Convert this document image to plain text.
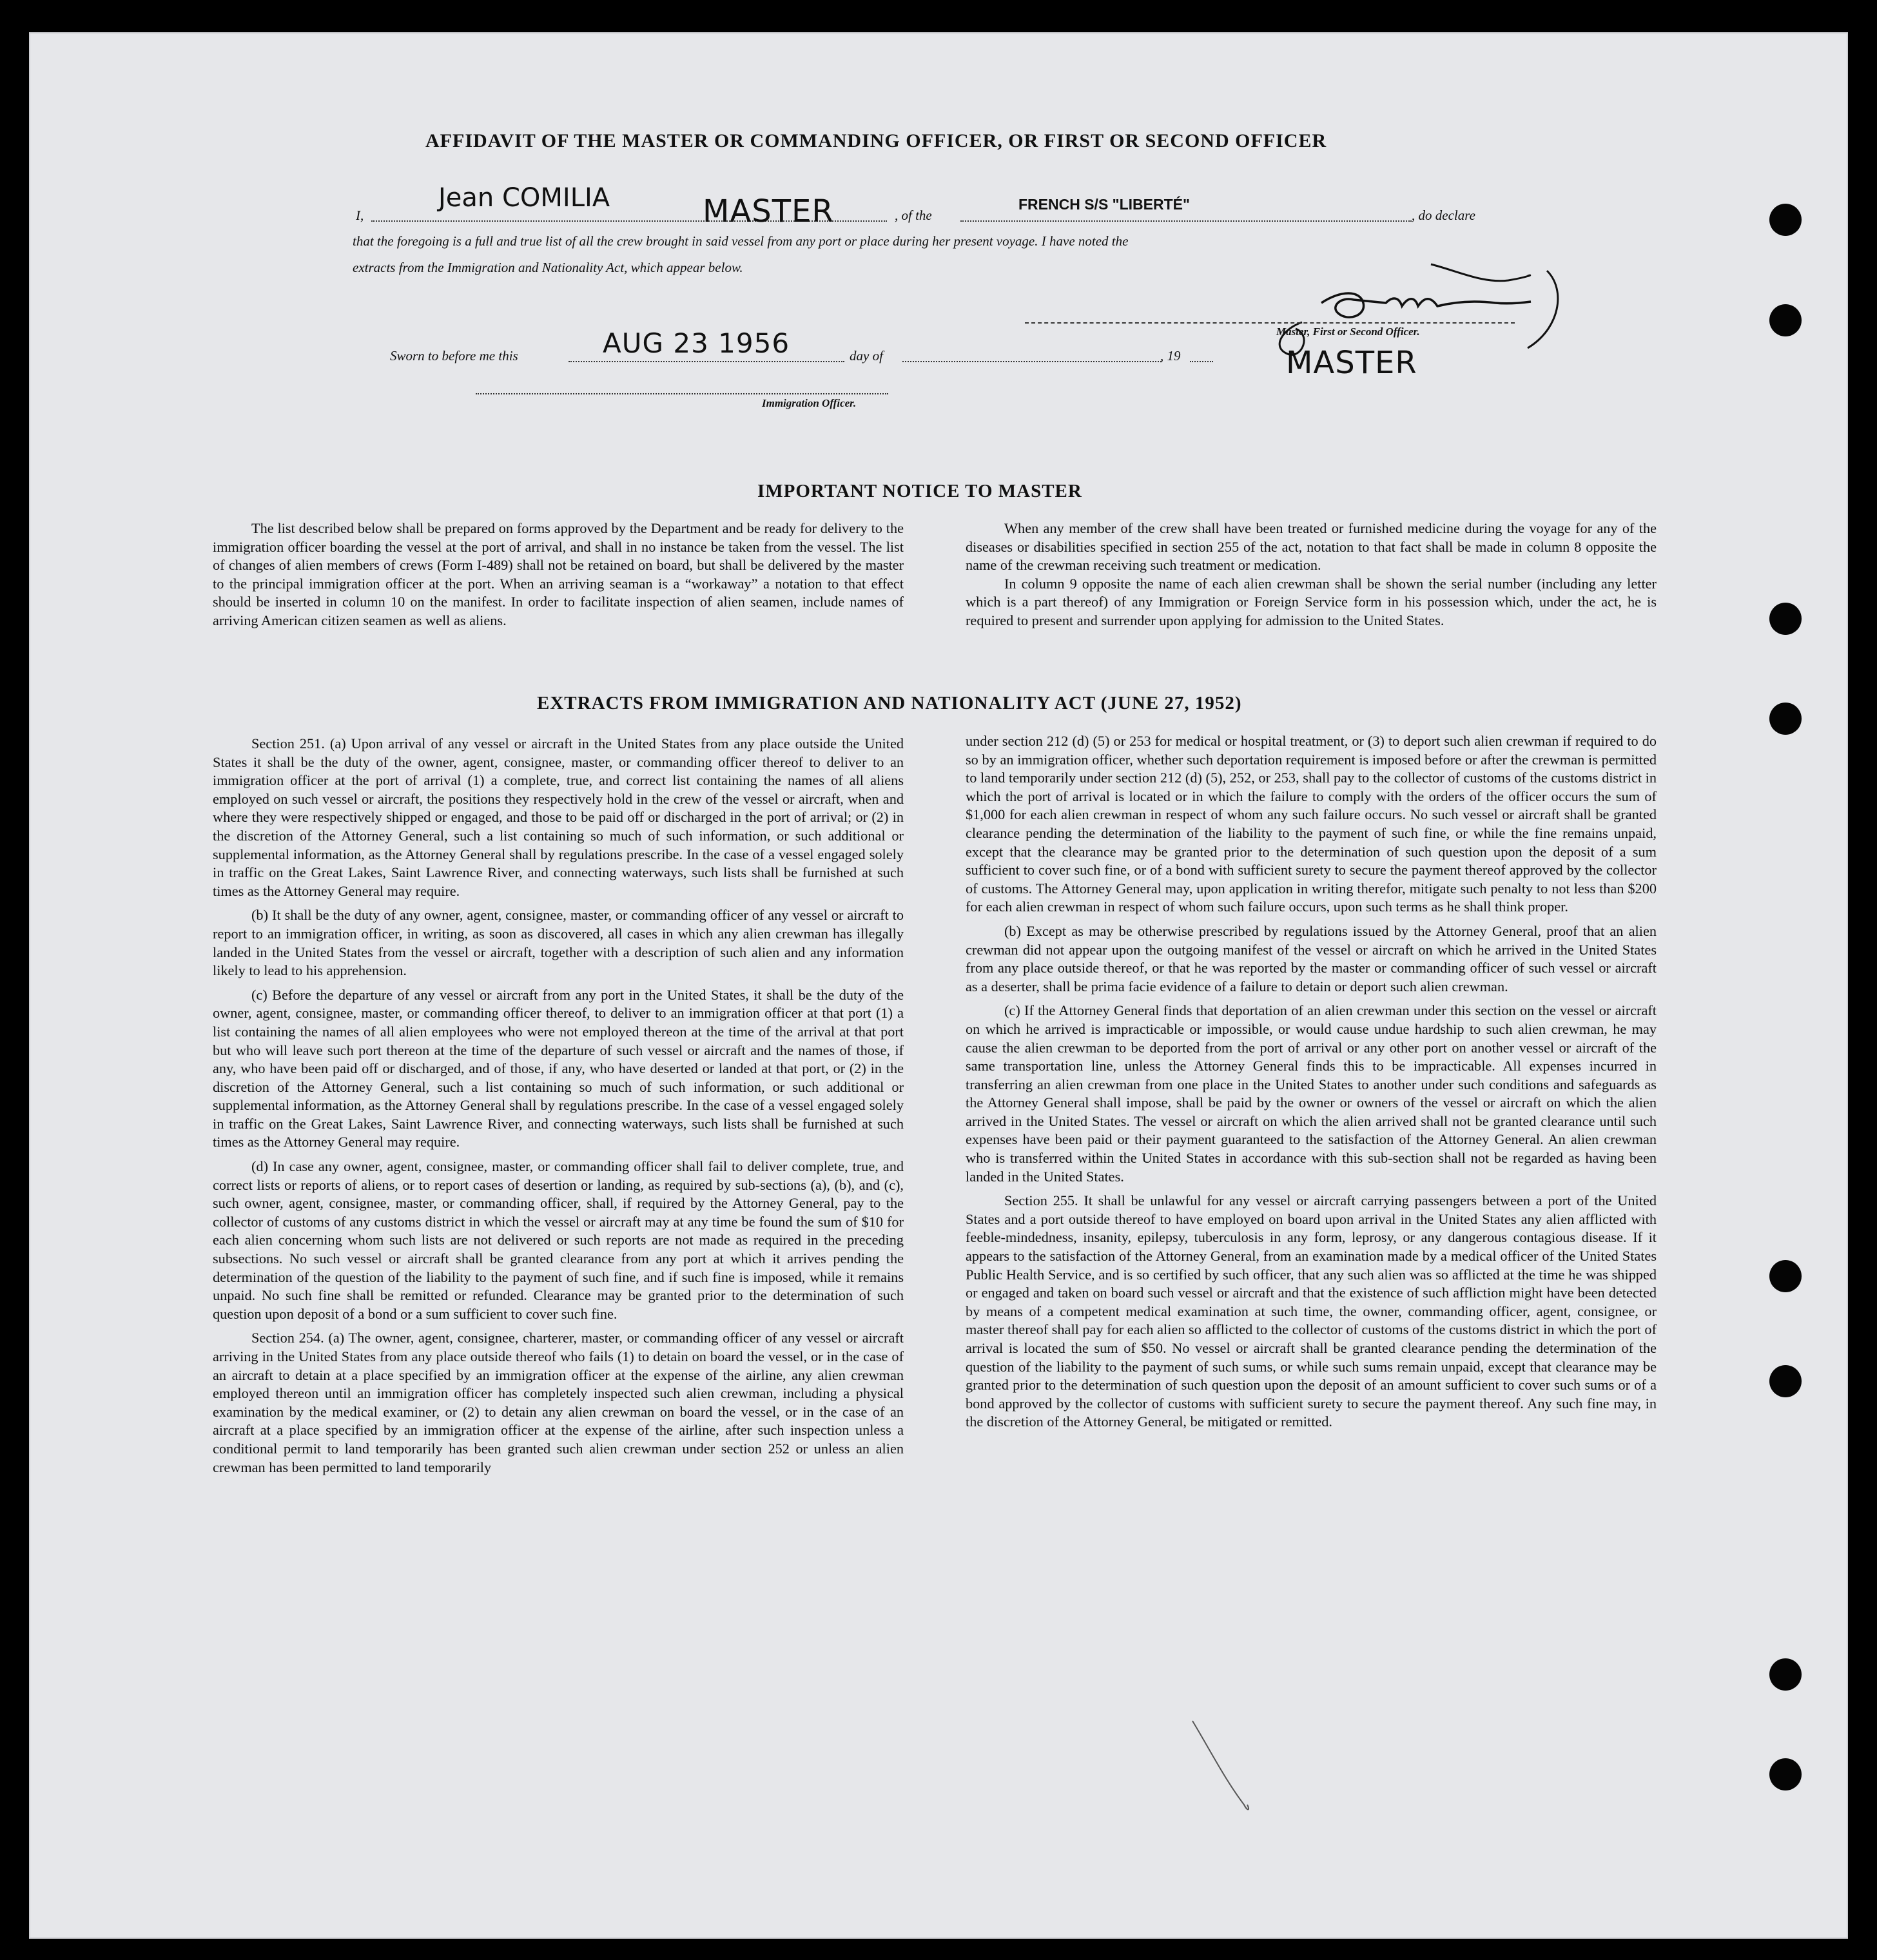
AFFIDAVIT OF THE MASTER OR COMMANDING OFFICER, OR FIRST OR SECOND OFFICER
I,
Jean COMILIA	MASTER	, of the
FRENCH S/S "LIBERTÉ"
, do declare
that the foregoing is a full and true list of all the crew brought in said vessel from any port or place during her present voyage. I have noted the
extracts from the Immigration and Nationality Act, which appear below.
Master, First or Second Officer.
MASTER
Sworn to before me this	AUG 23 1956	day of	, 19
Immigration Officer.
IMPORTANT NOTICE TO MASTER

The list described below shall be prepared on forms approved by the Department and be ready for delivery to the immigration officer boarding the vessel at the port of arrival, and shall in no instance be taken from the vessel. The list of changes of alien members of crews (Form I-489) shall not be retained on board, but shall be delivered by the master to the principal immigration officer at the port. When an arriving seaman is a “workaway” a notation to that effect should be inserted in column 10 on the manifest. In order to facilitate inspection of alien seamen, include names of arriving American citizen seamen as well as aliens.

When any member of the crew shall have been treated or furnished medicine during the voyage for any of the diseases or disabilities specified in section 255 of the act, notation to that fact shall be made in column 8 opposite the name of the crewman receiving such treatment or medication.

In column 9 opposite the name of each alien crewman shall be shown the serial number (including any letter which is a part thereof) of any Immigration or Foreign Service form in his possession which, under the act, he is required to present and surrender upon applying for admission to the United States.

EXTRACTS FROM IMMIGRATION AND NATIONALITY ACT (JUNE 27, 1952)

Section 251. (a) Upon arrival of any vessel or aircraft in the United States from any place outside the United States it shall be the duty of the owner, agent, consignee, master, or commanding officer thereof to deliver to an immigration officer at the port of arrival (1) a complete, true, and correct list containing the names of all aliens employed on such vessel or aircraft, the positions they respectively hold in the crew of the vessel or aircraft, when and where they were respectively shipped or engaged, and those to be paid off or discharged in the port of arrival; or (2) in the discretion of the Attorney General, such a list containing so much of such information, or such additional or supplemental information, as the Attorney General shall by regulations prescribe. In the case of a vessel engaged solely in traffic on the Great Lakes, Saint Lawrence River, and connecting waterways, such lists shall be furnished at such times as the Attorney General may require.

(b) It shall be the duty of any owner, agent, consignee, master, or commanding officer of any vessel or aircraft to report to an immigration officer, in writing, as soon as discovered, all cases in which any alien crewman has illegally landed in the United States from the vessel or aircraft, together with a description of such alien and any information likely to lead to his apprehension.

(c) Before the departure of any vessel or aircraft from any port in the United States, it shall be the duty of the owner, agent, consignee, master, or commanding officer thereof, to deliver to an immigration officer at that port (1) a list containing the names of all alien employees who were not employed thereon at the time of the arrival at that port but who will leave such port thereon at the time of the departure of such vessel or aircraft and the names of those, if any, who have been paid off or discharged, and of those, if any, who have deserted or landed at that port, or (2) in the discretion of the Attorney General, such a list containing so much of such information, or such additional or supplemental information, as the Attorney General shall by regulations prescribe. In the case of a vessel engaged solely in traffic on the Great Lakes, Saint Lawrence River, and connecting waterways, such lists shall be furnished at such times as the Attorney General may require.

(d) In case any owner, agent, consignee, master, or commanding officer shall fail to deliver complete, true, and correct lists or reports of aliens, or to report cases of desertion or landing, as required by sub-sections (a), (b), and (c), such owner, agent, consignee, master, or commanding officer, shall, if required by the Attorney General, pay to the collector of customs of any customs district in which the vessel or aircraft may at any time be found the sum of $10 for each alien concerning whom such lists are not delivered or such reports are not made as required in the preceding subsections. No such vessel or aircraft shall be granted clearance from any port at which it arrives pending the determination of the question of the liability to the payment of such fine, and if such fine is imposed, while it remains unpaid. No such fine shall be remitted or refunded. Clearance may be granted prior to the determination of such question upon deposit of a bond or a sum sufficient to cover such fine.

Section 254. (a) The owner, agent, consignee, charterer, master, or commanding officer of any vessel or aircraft arriving in the United States from any place outside thereof who fails (1) to detain on board the vessel, or in the case of an aircraft to detain at a place specified by an immigration officer at the expense of the airline, any alien crewman employed thereon until an immigration officer has completely inspected such alien crewman, including a physical examination by the medical examiner, or (2) to detain any alien crewman on board the vessel, or in the case of an aircraft at a place specified by an immigration officer at the expense of the airline, after such inspection unless a conditional permit to land temporarily has been granted such alien crewman under section 252 or unless an alien crewman has been permitted to land temporarily

under section 212 (d) (5) or 253 for medical or hospital treatment, or (3) to deport such alien crewman if required to do so by an immigration officer, whether such deportation requirement is imposed before or after the crewman is permitted to land temporarily under section 212 (d) (5), 252, or 253, shall pay to the collector of customs of the customs district in which the port of arrival is located or in which the failure to comply with the orders of the officer occurs the sum of $1,000 for each alien crewman in respect of whom any such failure occurs. No such vessel or aircraft shall be granted clearance pending the determination of the liability to the payment of such fine, or while the fine remains unpaid, except that the clearance may be granted prior to the determination of such question upon the deposit of a sum sufficient to cover such fine, or of a bond with sufficient surety to secure the payment thereof approved by the collector of customs. The Attorney General may, upon application in writing therefor, mitigate such penalty to not less than $200 for each alien crewman in respect of whom such failure occurs, upon such terms as he shall think proper.

(b) Except as may be otherwise prescribed by regulations issued by the Attorney General, proof that an alien crewman did not appear upon the outgoing manifest of the vessel or aircraft on which he arrived in the United States from any place outside thereof, or that he was reported by the master or commanding officer of such vessel or aircraft as a deserter, shall be prima facie evidence of a failure to detain or deport such alien crewman.

(c) If the Attorney General finds that deportation of an alien crewman under this section on the vessel or aircraft on which he arrived is impracticable or impossible, or would cause undue hardship to such alien crewman, he may cause the alien crewman to be deported from the port of arrival or any other port on another vessel or aircraft of the same transportation line, unless the Attorney General finds this to be impracticable. All expenses incurred in transferring an alien crewman from one place in the United States to another under such conditions and safeguards as the Attorney General shall impose, shall be paid by the owner or owners of the vessel or aircraft on which the alien arrived in the United States. The vessel or aircraft on which the alien arrived shall not be granted clearance until such expenses have been paid or their payment guaranteed to the satisfaction of the Attorney General. An alien crewman who is transferred within the United States in accordance with this sub-section shall not be regarded as having been landed in the United States.

Section 255. It shall be unlawful for any vessel or aircraft carrying passengers between a port of the United States and a port outside thereof to have employed on board upon arrival in the United States any alien afflicted with feeble-mindedness, insanity, epilepsy, tuberculosis in any form, leprosy, or any dangerous contagious disease. If it appears to the satisfaction of the Attorney General, from an examination made by a medical officer of the United States Public Health Service, and is so certified by such officer, that any such alien was so afflicted at the time he was shipped or engaged and taken on board such vessel or aircraft and that the existence of such affliction might have been detected by means of a competent medical examination at such time, the owner, commanding officer, agent, consignee, or master thereof shall pay for each alien so afflicted to the collector of customs of the customs district in which the port of arrival is located the sum of $50. No vessel or aircraft shall be granted clearance pending the determination of the question of the liability to the payment of such sums, or while such sums remain unpaid, except that clearance may be granted prior to the determination of such question upon the deposit of an amount sufficient to cover such sums or of a bond approved by the collector of customs with sufficient surety to secure the payment thereof. Any such fine may, in the discretion of the Attorney General, be mitigated or remitted.
